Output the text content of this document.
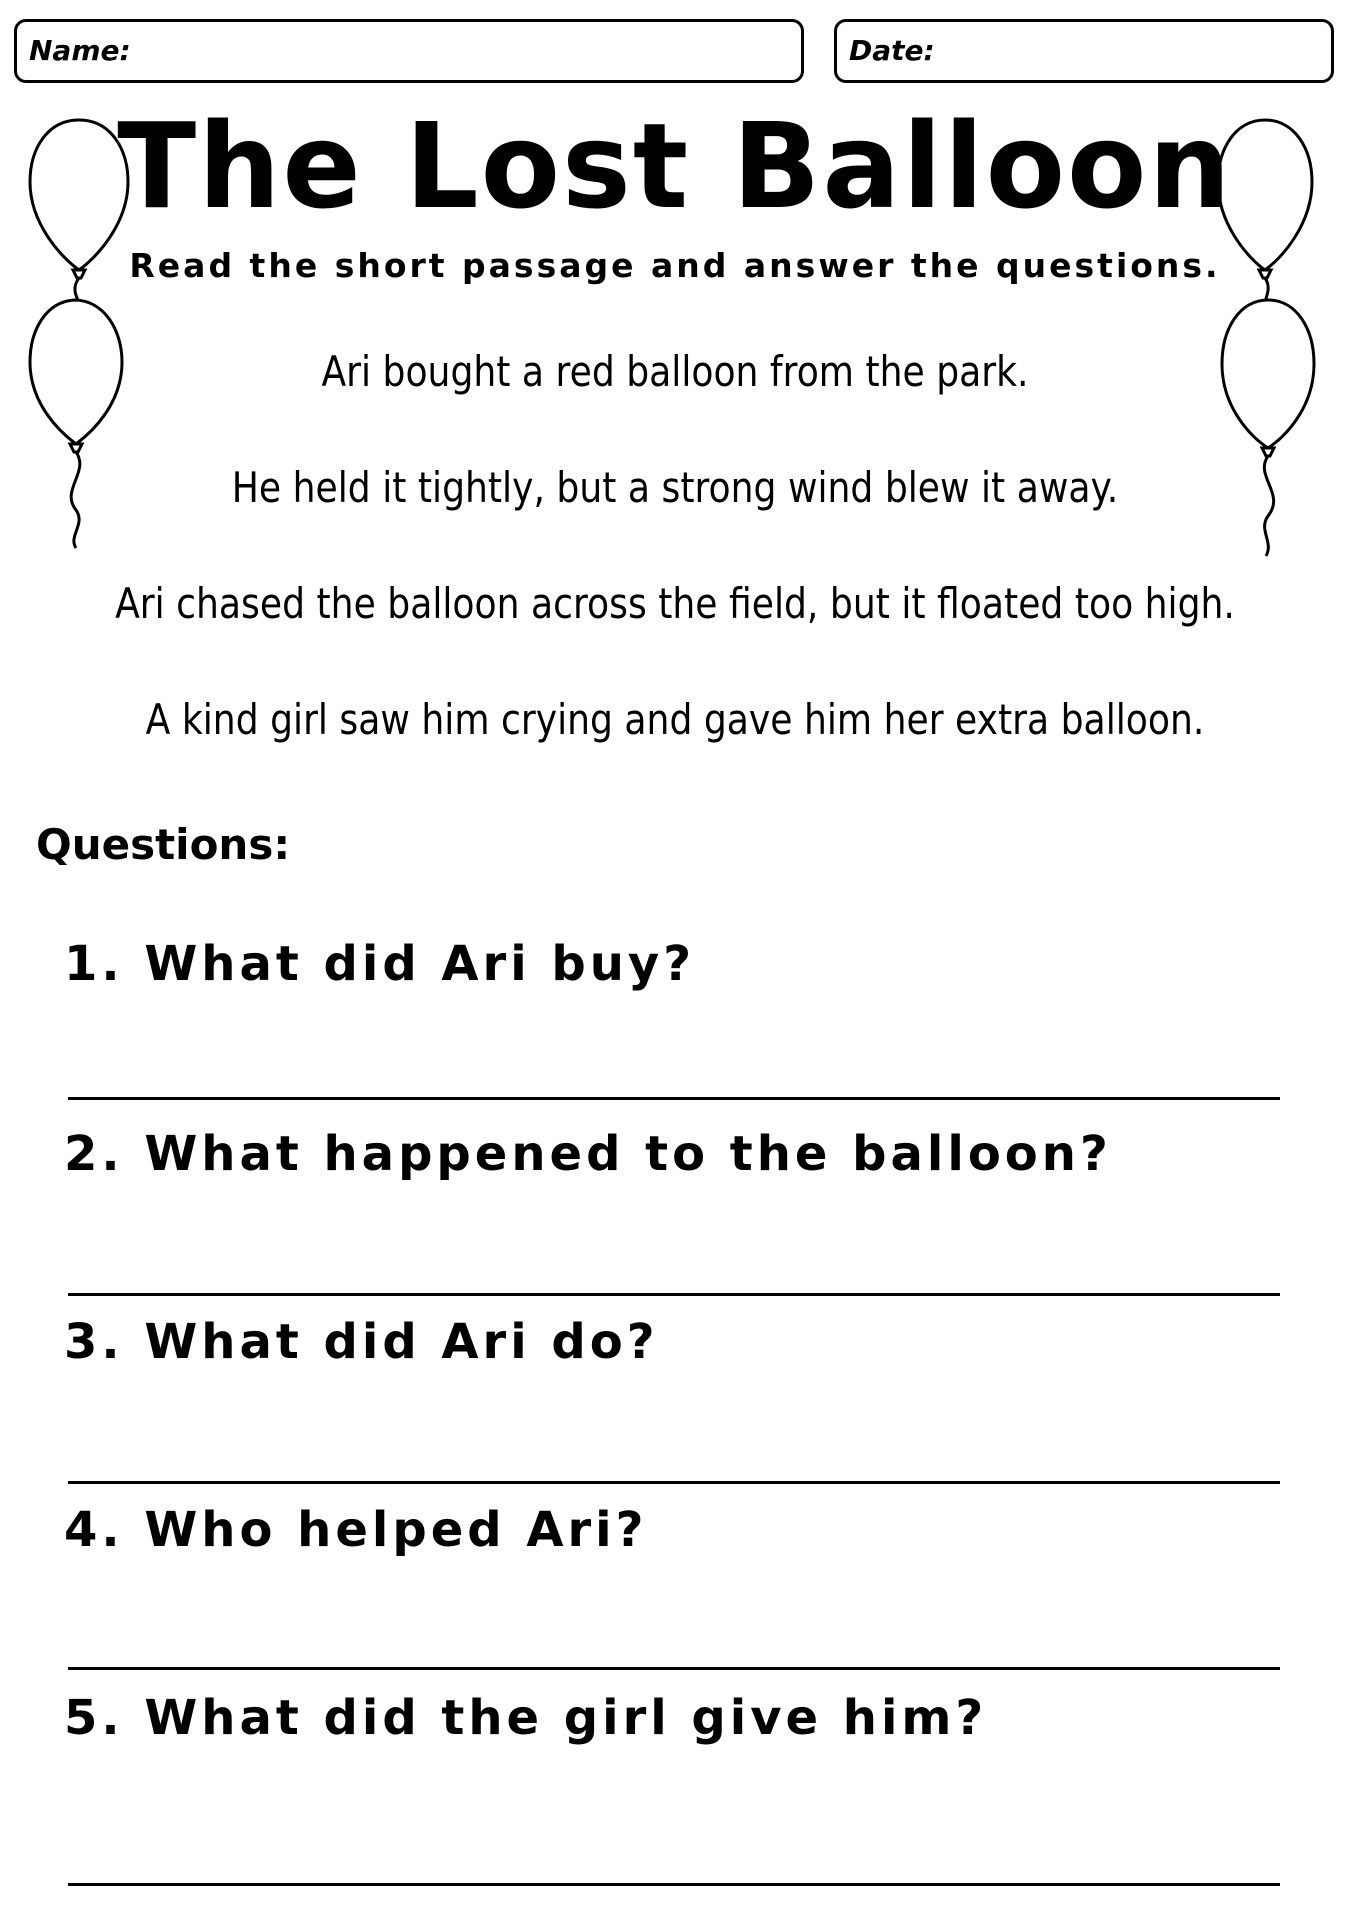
Name:	Date:
The Lost Balloon
Read the short passage and answer the questions.
Ari bought a red balloon from the park.
He held it tightly, but a strong wind blew it away.
Ari chased the balloon across the field, but it floated too high.
A kind girl saw him crying and gave him her extra balloon.
Questions:
1. What did Ari buy?
2. What happened to the balloon?
3. What did Ari do?
4. Who helped Ari?
5. What did the girl give him?
